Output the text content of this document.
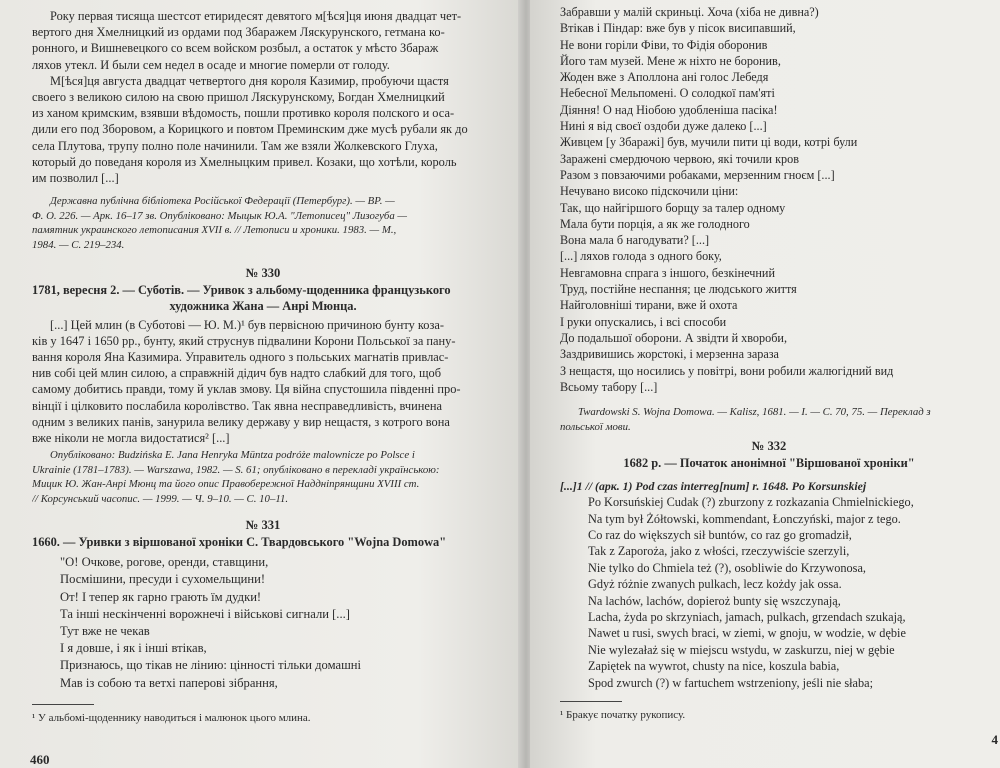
Року первая тисяща шестсот етиридесят девятого м[ѣся]ця июня двадцат чет-

вертого дня Хмелницкий из ордами под Збаражем Ляскурунского, гетмана ко-

ронного, и Вишневецкого со всем войском розбыл, а остаток у мѣсто Збараж

ляхов утекл. И были сем недел в осаде и многие померли от голоду.

М[ѣся]ця августа двадцат четвертого дня короля Казимир, пробуючи щастя

своего з великою силою на свою пришол Ляскурунскому, Богдан Хмелницкий

из ханом кримским, взявши вѣдомость, пошли противко короля полского и оса-

дили его под Зборовом, а Корицкого и повтом Преминским дже мусѣ рубали як до

села Плутова, трупу полно поле начинили. Там же взяли Жолкевского Глуха,

который до поведаня короля из Хмелныцким привел. Козаки, що хотѣли, король

им позволил [...]

Державна публічна бібліотека Російської Федерації (Петербург). — ВР. —

Ф. О. 226. — Арк. 16–17 зв. Опубліковано: Мыцык Ю.А. "Летописец" Лизогуба —

памятник украинского летописания XVII в. // Летописи и хроники. 1983. — М.,

1984. — С. 219–234.

№ 330

1781, вересня 2. — Суботів. — Уривок з альбому-щоденника французького

художника Жана — Анрі Мюнца.

[...] Цей млин (в Суботові — Ю. М.)¹ був первісною причиною бунту коза-

ків у 1647 і 1650 рр., бунту, який струснув підвалини Корони Польської за пану-

вання короля Яна Казимира. Управитель одного з польських магнатів привлас-

нив собі цей млин силою, а справжній дідич був надто слабкий для того, щоб

самому добитись правди, тому й уклав змову. Ця війна спустошила південні про-

вінції і цілковито послабила королівство. Так явна несправедливість, вчинена

одним з великих панів, занурила велику державу у вир нещастя, з котрого вона

вже ніколи не могла видостатися² [...]

Опубліковано: Budzińska E. Jana Henryka Müntza podróże malownicze po Polsce i

Ukrainie (1781–1783). — Warszawa, 1982. — S. 61; опубліковано в перекладі українською:

Мицик Ю. Жан-Анрі Мюнц та його опис Правобережної Наддніпрянщини XVIII ст.

// Корсунський часопис. — 1999. — Ч. 9–10. — С. 10–11.

№ 331

1660. — Уривки з віршованої хроніки С. Твардовського "Wojna Domowa"

"О! Очкове, рогове, оренди, ставщини,

Посмішини, пресуди і сухомельщини!

От! І тепер як гарно грають їм дудки!

Та інші нескінченні ворожнечі і військові сигнали [...]

Тут вже не чекав

І я довше, і як і інші втікав,

Признаюсь, що тікав не лінию: цінності тільки домашні

Мав із собою та ветхі паперові зібрання,

¹ У альбомі-щоденнику наводиться і малюнок цього млина.

460

Забравши у малій скриньці. Хоча (хіба не дивна?)

Втікав і Піндар: вже був у пісок висипавший,

Не вони горіли Фіви, то Фідія оборонив

Його там музей. Мене ж ніхто не боронив,

Жоден вже з Аполлона ані голос Лебедя

Небесної Мельпомені. О солодкої пам'яті

Діяння! О над Ніобою удобленіша пасіка!

Нині я від своєї оздоби дуже далеко [...]

Живцем [у Збаражі] був, мучили пити ці води, котрі були

Заражені смердючою червою, які точили кров

Разом з повзаючими робаками, мерзенним гноєм [...]

Нечувано високо підскочили ціни:

Так, що найгіршого борщу за талер одному

Мала бути порція, а як же голодного

Вона мала б нагодувати? [...]

[...] ляхов голода з одного боку,

Невгамовна спрага з іншого, безкінечний

Труд, постійне неспання; це людського життя

Найголовніші тирани, вже й охота

І руки опускались, і всі способи

До подальшої оборони. А звідти й хвороби,

Заздривишись жорстокі, і мерзенна зараза

З нещастя, що носились у повітрі, вони робили жалюгідний вид

Всьому табору [...]

Twardowski S. Wojna Domowa. — Kalisz, 1681. — I. — С. 70, 75. — Переклад з

польської мови.

№ 332

1682 р. — Початок анонімної "Віршованої хроніки"

[...]1 // (арк. 1) Pod czas interreg[num] r. 1648. Po Korsunskiej

Po Korsuńskiej Cudak (?) zburzony z rozkazania Chmielnickiego,

Na tym był Żółtowski, kommendant, Łonczyński, major z tego.

Co raz do większych sił buntów, co raz go gromadził,

Tak z Zaporoża, jako z włości, rzeczywiście szerzyli,

Nie tylko do Chmiela też (?), osobliwie do Krzywonosa,

Gdyż różnie zwanych pulkach, lecz kożdy jak ossa.

Na lachów, lachów, dopieroż bunty się wszczynają,

Lacha, żyda po skrzyniach, jamach, pulkach, grzendach szukają,

Nawet u rusi, swych braci, w ziemi, w gnoju, w wodzie, w dębie

Nie wylezałaż się w miejscu wstydu, w zaskurzu, niej w gębie

Zapiętek na wywrot, chusty na nice, koszula babia,

Spod zwurch (?) w fartuchem wstrzeniony, jeśli nie słaba;

¹ Бракує початку рукопису.

4
